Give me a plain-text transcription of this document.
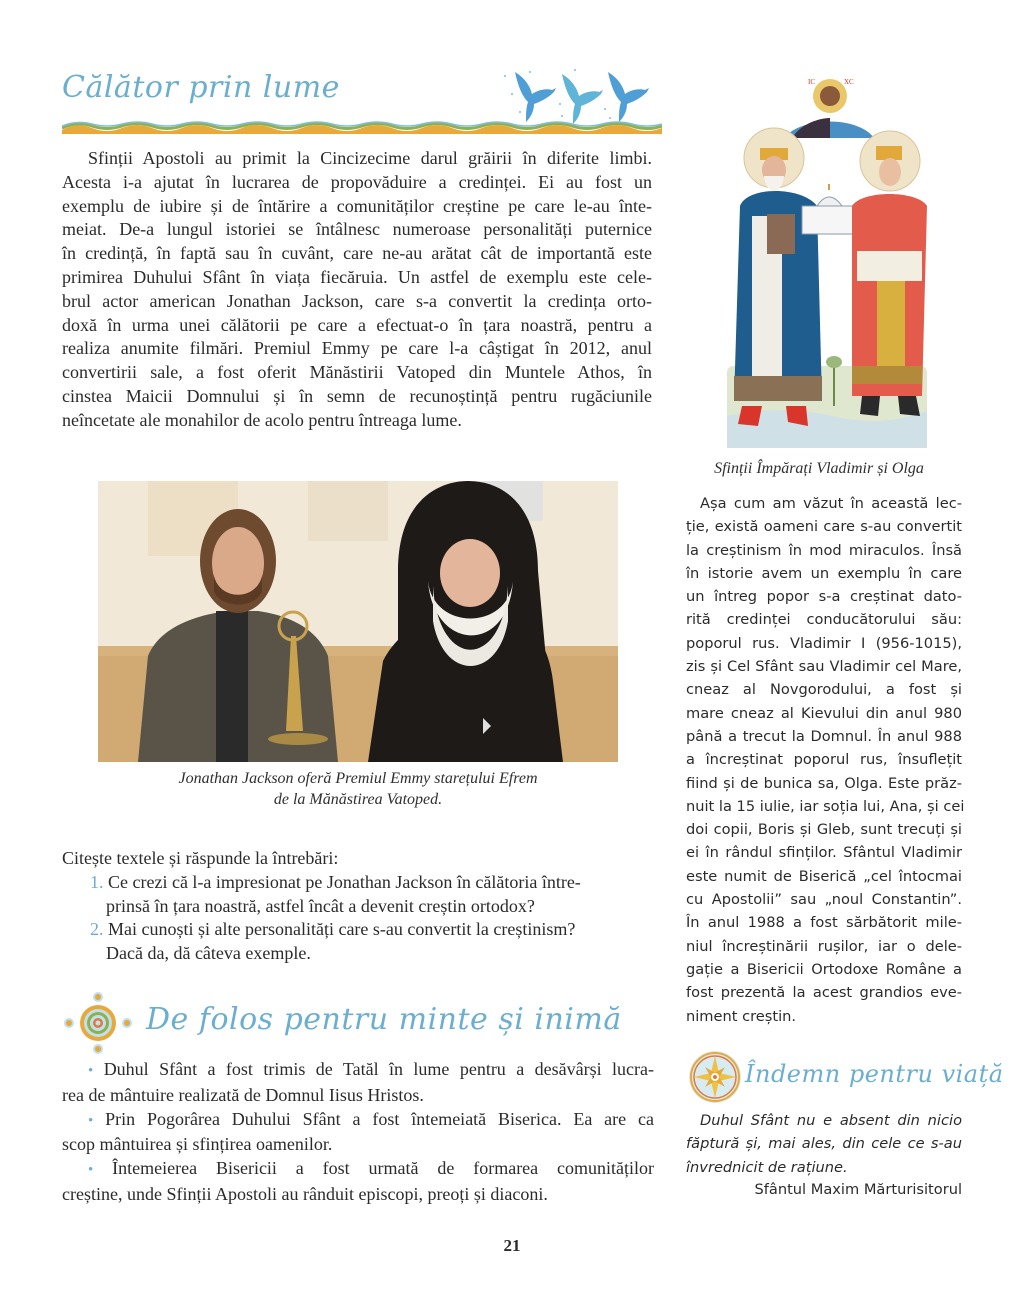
Călător prin lume
Sfinții Apostoli au primit la Cincizecime darul grăirii în diferite limbi.
Acesta i-a ajutat în lucrarea de propovăduire a credinței. Ei au fost un
exemplu de iubire și de întărire a comunităților creștine pe care le-au înte-
meiat. De-a lungul istoriei se întâlnesc numeroase personalități puternice
în credință, în faptă sau în cuvânt, care ne-au arătat cât de importantă este
primirea Duhului Sfânt în viața fiecăruia. Un astfel de exemplu este cele-
brul actor american Jonathan Jackson, care s-a convertit la credința orto-
doxă în urma unei călătorii pe care a efectuat-o în țara noastră, pentru a
realiza anumite filmări. Premiul Emmy pe care l-a câștigat în 2012, anul
convertirii sale, a fost oferit Mănăstirii Vatoped din Muntele Athos, în
cinstea Maicii Domnului și în semn de recunoștință pentru rugăciunile
neîncetate ale monahilor de acolo pentru întreaga lume.
Jonathan Jackson oferă Premiul Emmy starețului Efrem
de la Mănăstirea Vatoped.
Citește textele și răspunde la întrebări:
1. Ce crezi că l-a impresionat pe Jonathan Jackson în călătoria între-
prinsă în țara noastră, astfel încât a devenit creștin ortodox?
2. Mai cunoști și alte personalități care s-au convertit la creștinism?
Dacă da, dă câteva exemple.
De folos pentru minte și inimă
• Duhul Sfânt a fost trimis de Tatăl în lume pentru a desăvârși lucra-
rea de mântuire realizată de Domnul Iisus Hristos.
• Prin Pogorârea Duhului Sfânt a fost întemeiată Biserica. Ea are ca
scop mântuirea și sfințirea oamenilor.
• Întemeierea Bisericii a fost urmată de formarea comunităților
creștine, unde Sfinții Apostoli au rânduit episcopi, preoți și diaconi.
IC	XC
Sfinții Împărați Vladimir și Olga
Așa cum am văzut în această lec-
ție, există oameni care s-au convertit
la creștinism în mod miraculos. Însă
în istorie avem un exemplu în care
un întreg popor s-a creștinat dato-
rită credinței conducătorului său:
poporul rus. Vladimir I (956-1015),
zis și Cel Sfânt sau Vladimir cel Mare,
cneaz al Novgorodului, a fost și
mare cneaz al Kievului din anul 980
până a trecut la Domnul. În anul 988
a încreștinat poporul rus, însuflețit
fiind și de bunica sa, Olga. Este prăz-
nuit la 15 iulie, iar soția lui, Ana, și cei
doi copii, Boris și Gleb, sunt trecuți și
ei în rândul sfinților. Sfântul Vladimir
este numit de Biserică „cel întocmai
cu Apostolii” sau „noul Constantin”.
În anul 1988 a fost sărbătorit mile-
niul încreștinării rușilor, iar o dele-
gație a Bisericii Ortodoxe Române a
fost prezentă la acest grandios eve-
niment creștin.
Îndemn pentru viață
Duhul Sfânt nu e absent din nicio
făptură și, mai ales, din cele ce s-au
învrednicit de rațiune.
Sfântul Maxim Mărturisitorul
21
